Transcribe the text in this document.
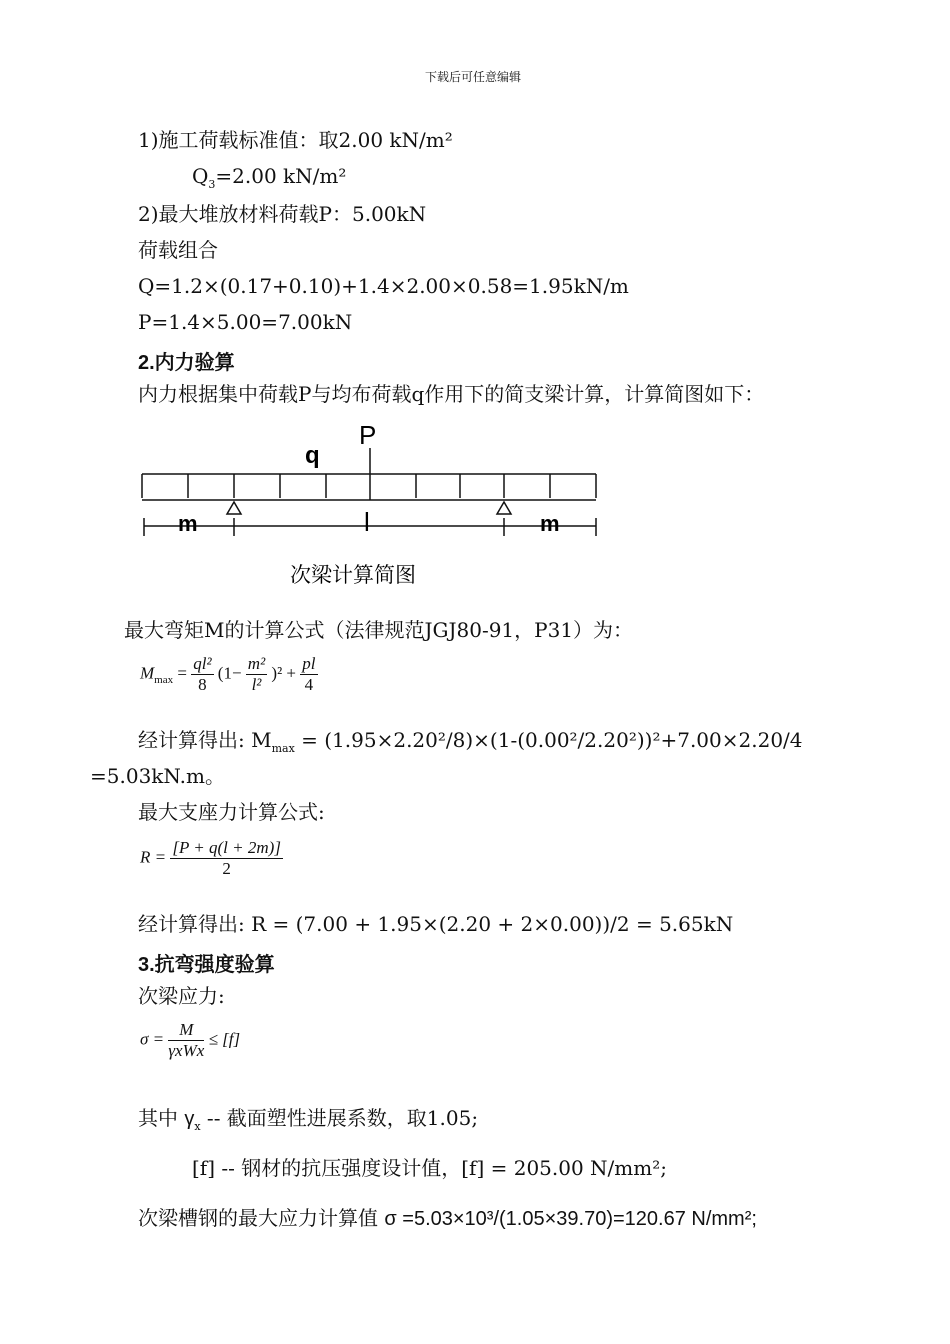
下载后可任意编辑
1)施工荷载标准值：取2.00 kN/m²
$Q_3=2.00$ kN/m²
2)最大堆放材料荷载P：5.00kN
荷载组合
Q=1.2×(0.17+0.10)+1.4×2.00×0.58=1.95kN/m
P=1.4×5.00=7.00kN
2.内力验算
内力根据集中荷载P与均布荷载q作用下的简支梁计算，计算简图如下：
P
q
m	l	m
次梁计算简图
最大弯矩M的计算公式（法律规范JGJ80-91，P31）为：
$M_{max} = \frac{\text{ql²}}{8} (1- \frac{\text{m²}}{\text{l²}} )^2 + \frac{pl}{4}$
经计算得出: $M_{max} = (1.95\times 2.20^2/8)\times(1-(0.00^2/2.20^2))^2+7.00\times 2.20/4$
=5.03kN.m。
最大支座力计算公式:
$R = \frac{[P + q(l + 2m)]}{2}$
经计算得出: R = (7.00 + 1.95×(2.20 + 2×0.00))/2 = 5.65kN
3.抗弯强度验算
次梁应力:
$\sigma = \frac{M}{\text{γxWx}} \le [f]$
其中 $\gamma_x$ -- 截面塑性进展系数，取1.05;
[f] -- 钢材的抗压强度设计值，[f] = 205.00 N/mm²;
次梁槽钢的最大应力计算值 σ =5.03×10³/(1.05×39.70)=120.67 N/mm²;
